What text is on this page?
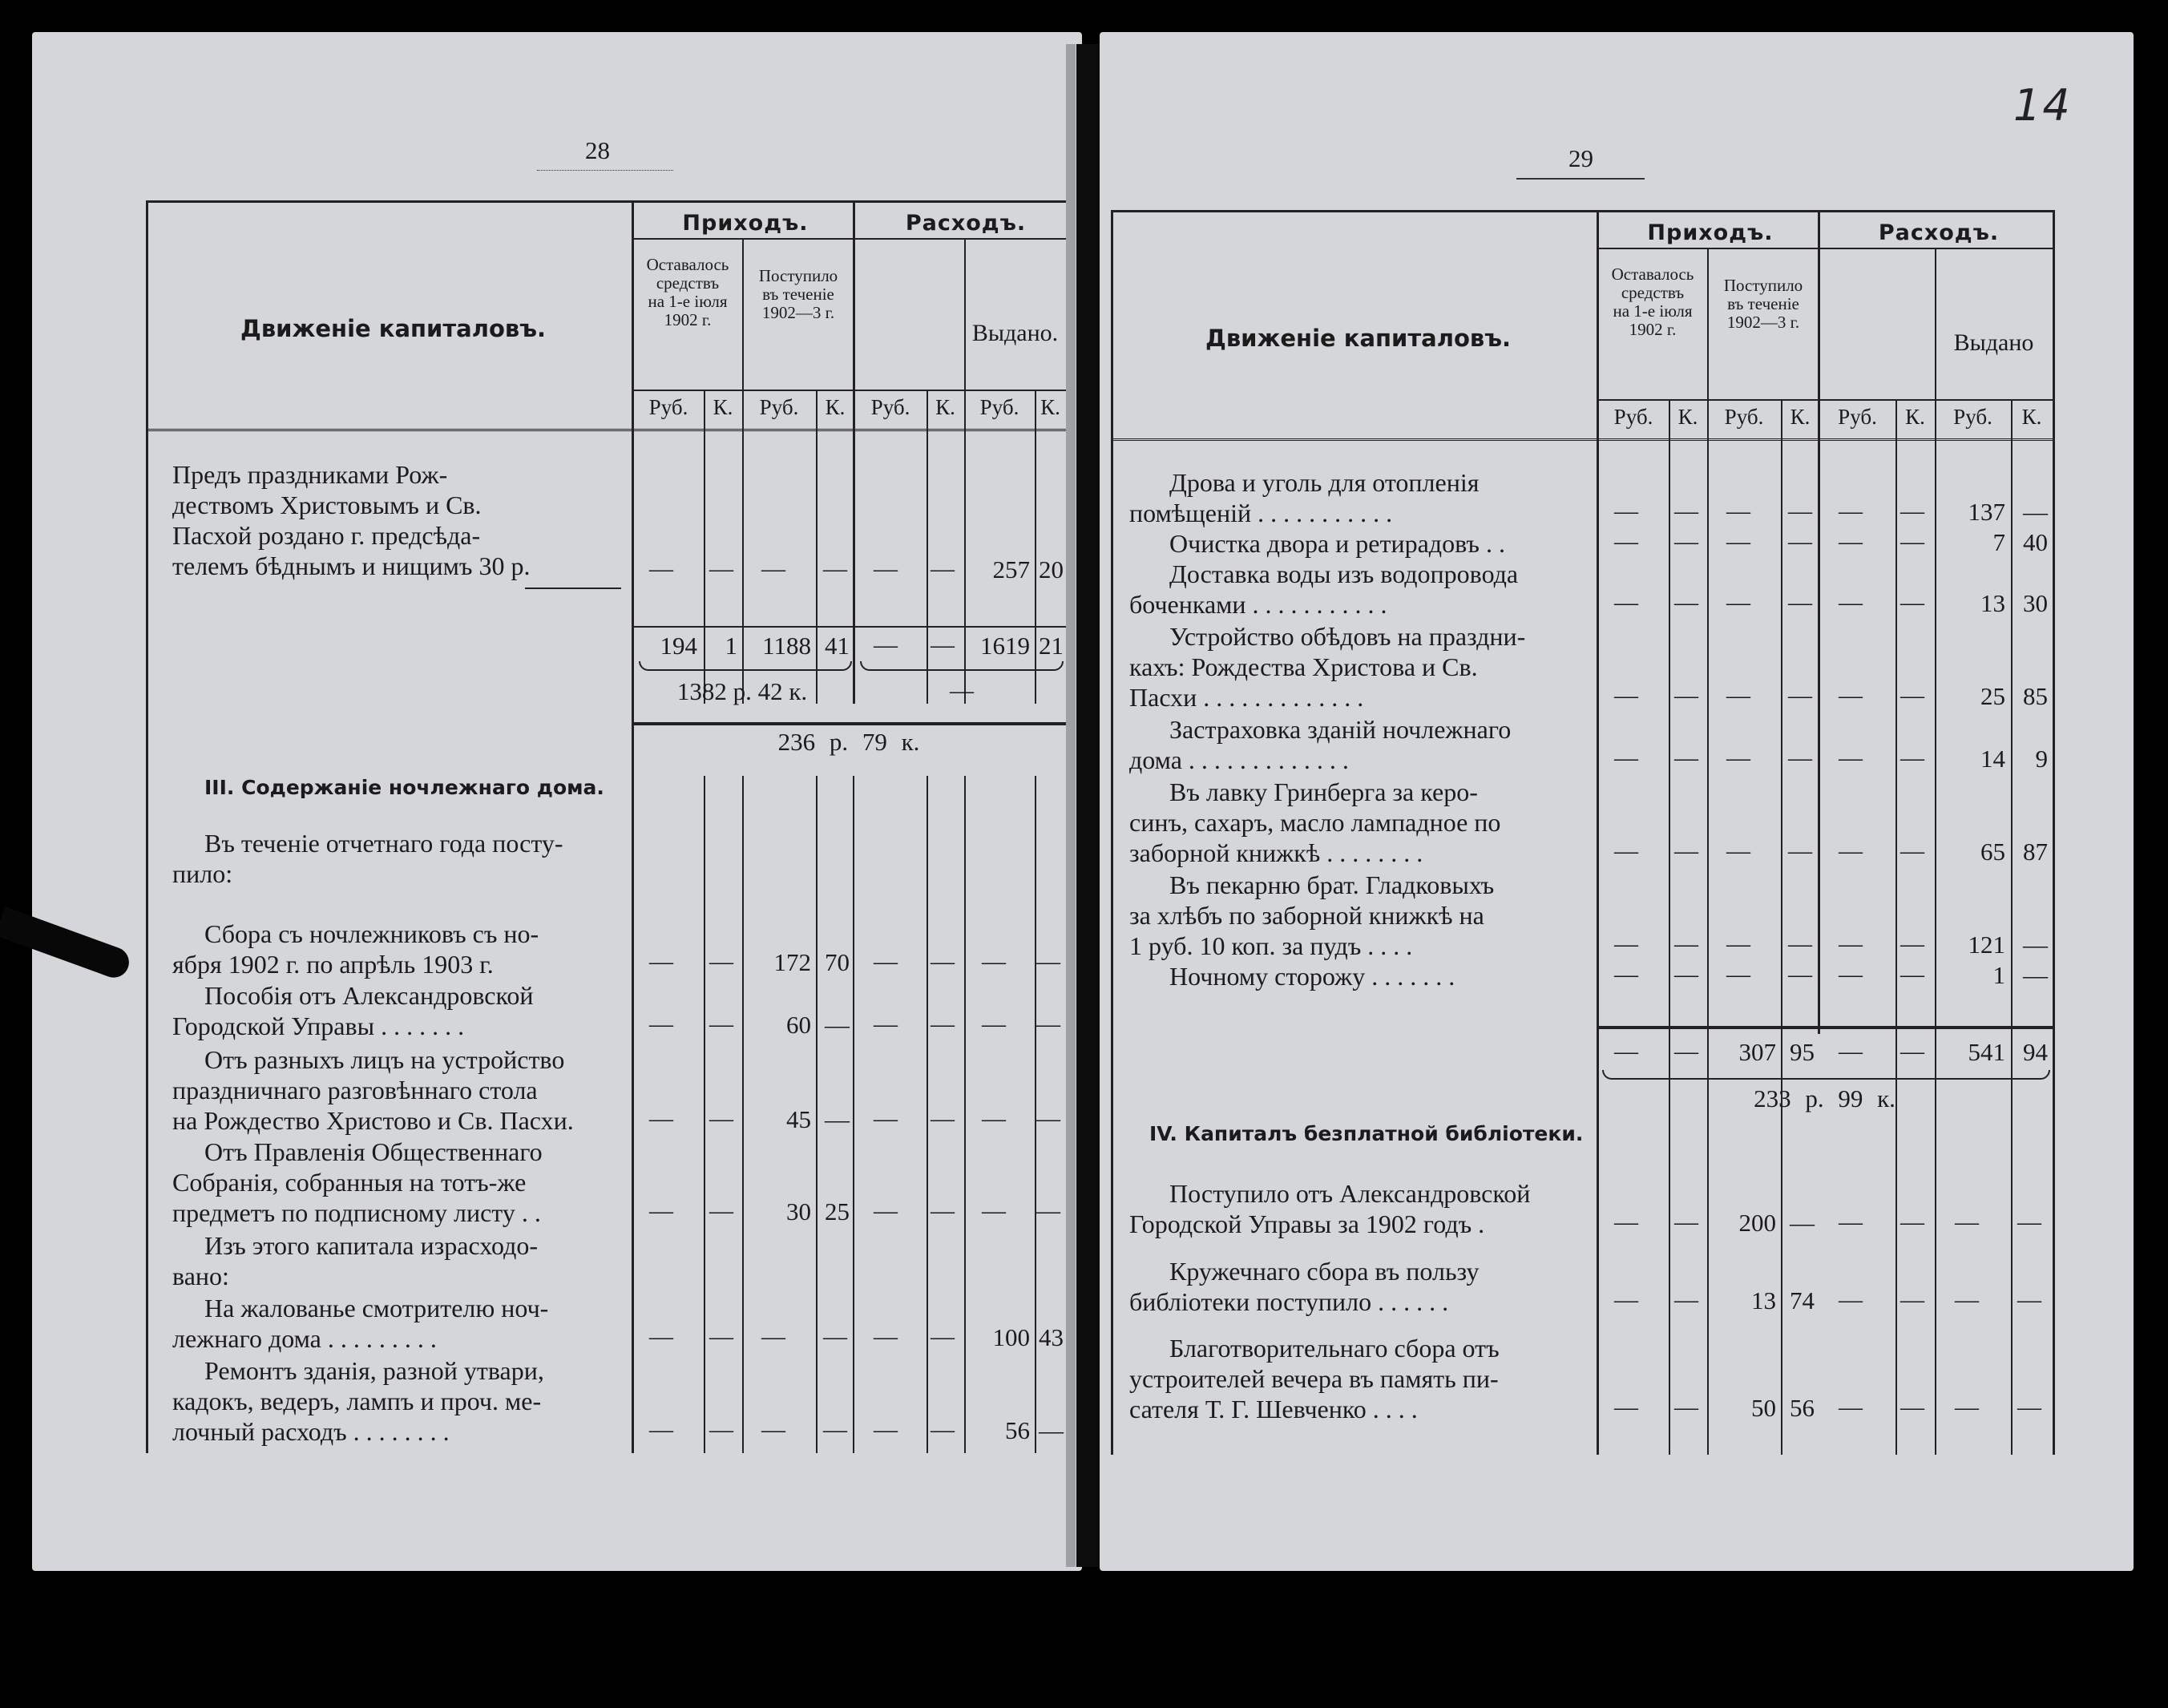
28
Движеніе капиталовъ.
Приходъ.	Расходъ.
Оставалось
средствъ
на 1-е іюля
1902 г.
Поступило
въ теченіе
1902—3 г.
Выдано.
Руб.	К.	Руб.	К.	Руб.	К.	Руб. К.
Предъ праздниками Рож-
дествомъ Христовымъ и Св.
Пасхой роздано г. предсѣда-
телемъ бѣднымъ и нищимъ 30 р.	— — — — — —	257 20
194	1	1188 41 — —	1619 21
1382 р. 42 к.	—
236 р. 79 к.
III. Содержаніе ночлежнаго дома.
Въ теченіе отчетнаго года посту-
пило:
Сбора съ ночлежниковъ съ но-
ября 1902 г. по апрѣль 1903 г.	— —	172 70 — — — —
Пособія отъ Александровской
Городской Управы . . . . . . .	— —	60 — — — — —
Отъ разныхъ лицъ на устройство
праздничнаго разговѣннаго стола
на Рождество Христово и Св. Пасхи.	— —	45 — — — — —
Отъ Правленія Общественнаго
Собранія, собранныя на тотъ-же
предметъ по подписному листу . .	— —	30 25 — — — —
Изъ этого капитала израсходо-
вано:
На жалованье смотрителю ноч-
лежнаго дома . . . . . . . . .	— — — — — —	100 43
Ремонтъ зданія, разной утвари,
кадокъ, ведеръ, лампъ и проч. ме-
лочный расходъ . . . . . . . .	— — — — — —	56 —
29
14
Движеніе капиталовъ.
Приходъ.	Расходъ.
Оставалось
средствъ
на 1-е іюля
1902 г.
Поступило
въ теченіе
1902—3 г.
Выдано
Руб.	К.	Руб.	К.	Руб.	К.	Руб.	К.
Дрова и уголь для отопленія
помѣщеній . . . . . . . . . . .	— — — — — —	137 —
Очистка двора и ретирадовъ . .	— — — — — —	7 40
Доставка воды изъ водопровода
боченками . . . . . . . . . . .	— — — — — —	13 30
Устройство обѣдовъ на праздни-
кахъ: Рождества Христова и Св.
Пасхи . . . . . . . . . . . . .	— — — — — —	25 85
Застраховка зданій ночлежнаго
дома . . . . . . . . . . . . .	— — — — — —	14	9
Въ лавку Гринберга за керо-
синъ, сахаръ, масло лампадное по
заборной книжкѣ . . . . . . . .	— — — — — —	65 87
Въ пекарню брат. Гладковыхъ
за хлѣбъ по заборной книжкѣ на
1 руб. 10 коп. за пудъ . . . .	— — — — — —	121 —
Ночному сторожу . . . . . . .	— — — — — —	1 —
— —	307 95 — —	541 94
233 р. 99 к.
IV. Капиталъ безплатной библіотеки.
Поступило отъ Александровской
Городской Управы за 1902 годъ .	— —	200 — — — — —
Кружечнаго сбора въ пользу
библіотеки поступило . . . . . .	— —	13 74 — — — —
Благотворительнаго сбора отъ
устроителей вечера въ память пи-
сателя Т. Г. Шевченко . . . .	— —	50 56 — — — —
